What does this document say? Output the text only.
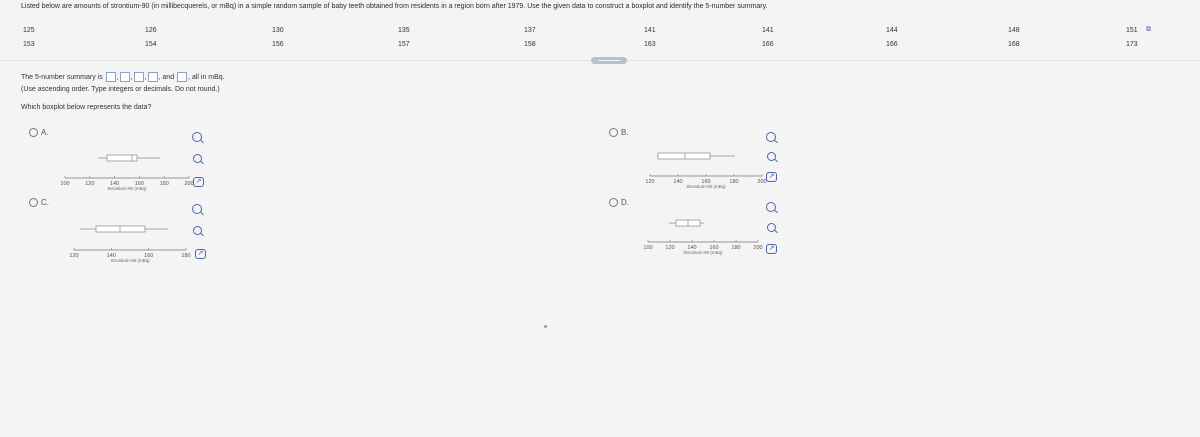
Listed below are amounts of strontium-90 (in millibecquerels, or mBq) in a simple random sample of baby teeth obtained from residents in a region born after 1979. Use the given data to construct a boxplot and identify the 5-number summary.
125	126	130	135	137	141	141	144	148	151
153	154	156	157	158	163	166	166	168	173
⧉
The 5-number summary is , , , , and , all in mBq.
(Use ascending order. Type integers or decimals. Do not round.)
Which boxplot below represents the data?
A.
↗
100	120	140	160	180	200
Strontium-90 (mBq)
B.
↗
120	140	160	180	200
Strontium-90 (mBq)
C.
↗
120	140	160	180
Strontium-90 (mBq)
D.
↗
100 120 140 160 180 200
Strontium-90 (mBq)
